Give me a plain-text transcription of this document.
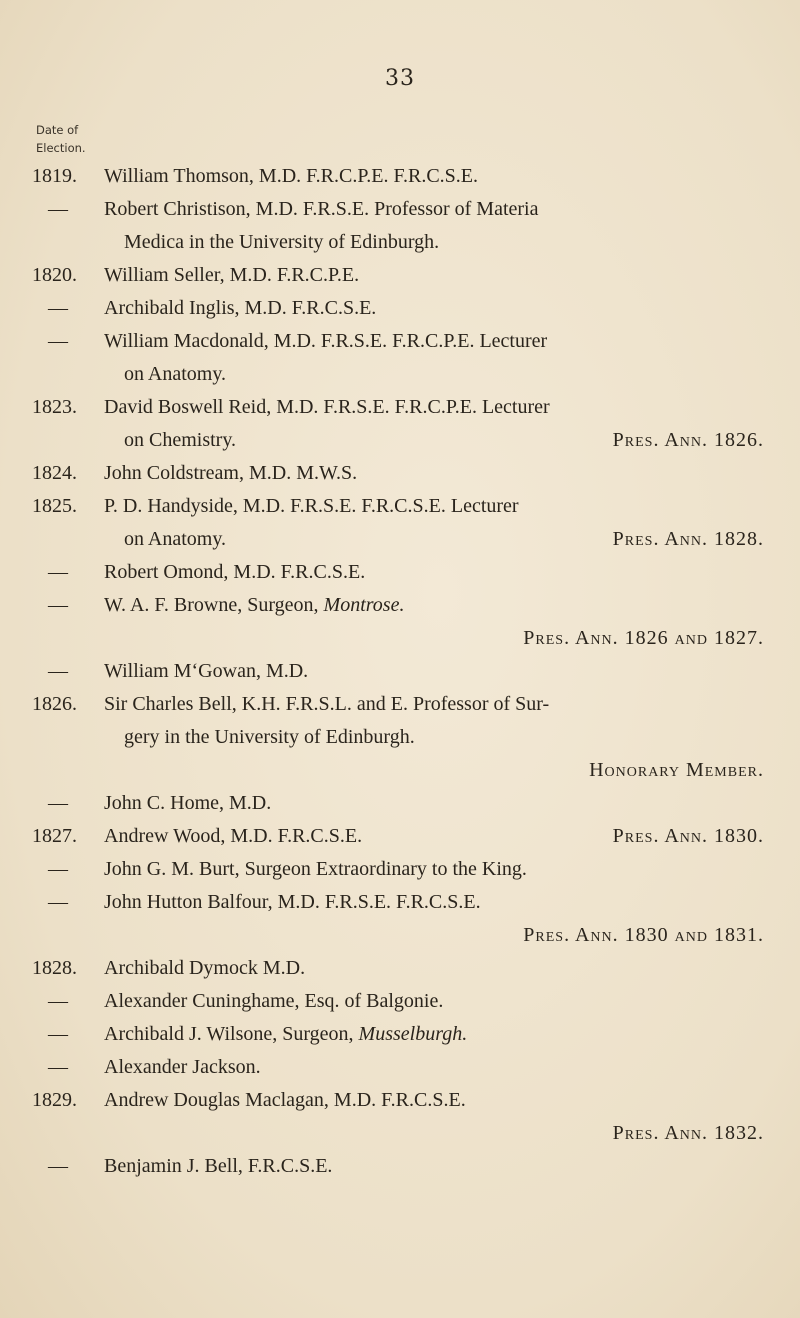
33
Date of
Election.
1819.	William Thomson, M.D. F.R.C.P.E. F.R.C.S.E.
—	Robert Christison, M.D. F.R.S.E. Professor of Materia
Medica in the University of Edinburgh.
1820.	William Seller, M.D. F.R.C.P.E.
—	Archibald Inglis, M.D. F.R.C.S.E.
—	William Macdonald, M.D. F.R.S.E. F.R.C.P.E. Lecturer
on Anatomy.
1823.	David Boswell Reid, M.D. F.R.S.E. F.R.C.P.E. Lecturer
on Chemistry.	Pres. Ann. 1826.
1824.	John Coldstream, M.D. M.W.S.
1825.	P. D. Handyside, M.D. F.R.S.E. F.R.C.S.E. Lecturer
on Anatomy.	Pres. Ann. 1828.
—	Robert Omond, M.D. F.R.C.S.E.
—	W. A. F. Browne, Surgeon, Montrose.
Pres. Ann. 1826 and 1827.
—	William M‘Gowan, M.D.
1826.	Sir Charles Bell, K.H. F.R.S.L. and E. Professor of Sur-
gery in the University of Edinburgh.
Honorary Member.
—	John C. Home, M.D.
1827.	Andrew Wood, M.D. F.R.C.S.E.	Pres. Ann. 1830.
—	John G. M. Burt, Surgeon Extraordinary to the King.
—	John Hutton Balfour, M.D. F.R.S.E. F.R.C.S.E.
Pres. Ann. 1830 and 1831.
1828.	Archibald Dymock M.D.
—	Alexander Cuninghame, Esq. of Balgonie.
—	Archibald J. Wilsone, Surgeon, Musselburgh.
—	Alexander Jackson.
1829.	Andrew Douglas Maclagan, M.D. F.R.C.S.E.
Pres. Ann. 1832.
—	Benjamin J. Bell, F.R.C.S.E.
